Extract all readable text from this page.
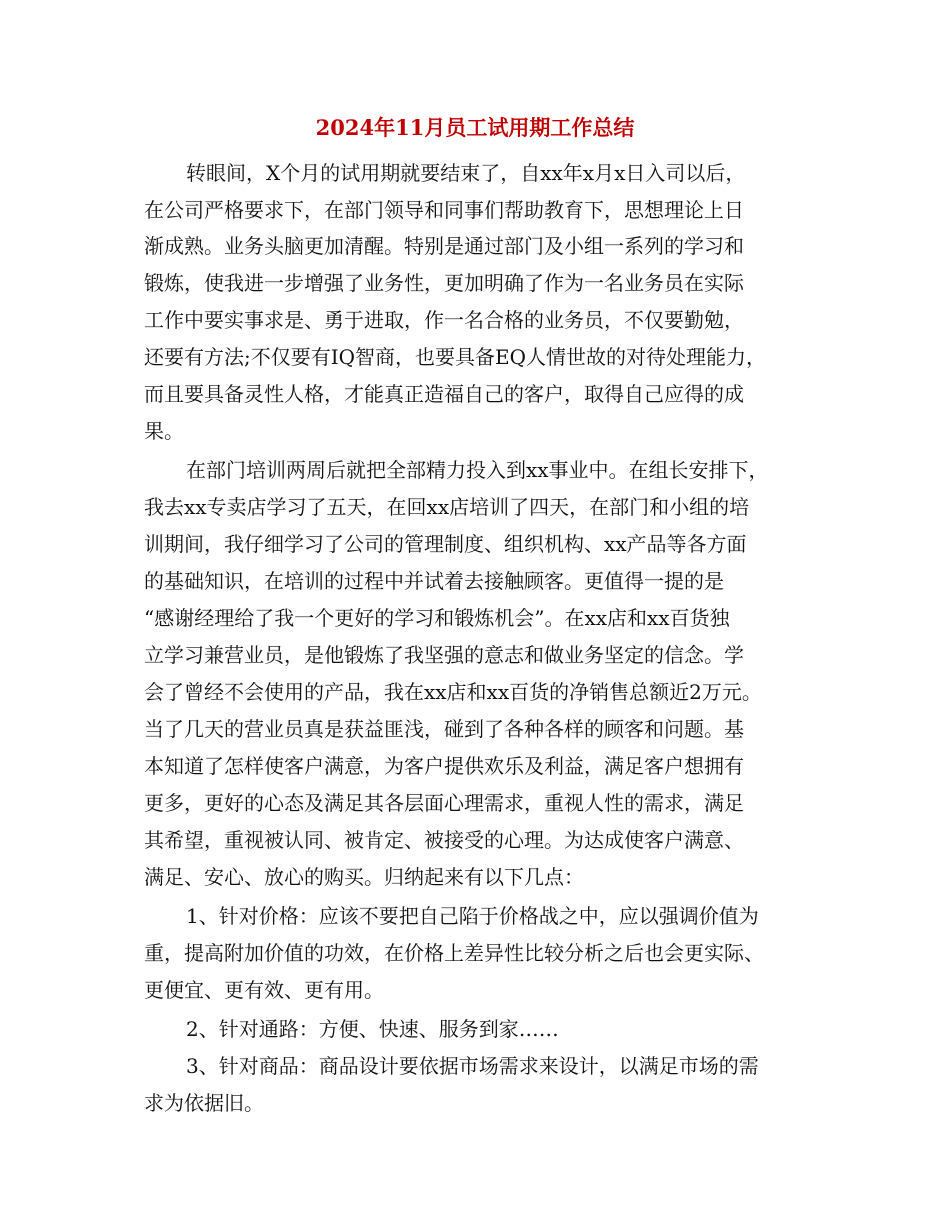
2024年11月员工试用期工作总结
转眼间，X个月的试用期就要结束了，自xx年x月x日入司以后，
在公司严格要求下，在部门领导和同事们帮助教育下，思想理论上日
渐成熟。业务头脑更加清醒。特别是通过部门及小组一系列的学习和
锻炼，使我进一步增强了业务性，更加明确了作为一名业务员在实际
工作中要实事求是、勇于进取，作一名合格的业务员，不仅要勤勉，
还要有方法;不仅要有IQ智商，也要具备EQ人情世故的对待处理能力，
而且要具备灵性人格，才能真正造福自己的客户，取得自己应得的成
果。
在部门培训两周后就把全部精力投入到xx事业中。在组长安排下，
我去xx专卖店学习了五天，在回xx店培训了四天，在部门和小组的培
训期间，我仔细学习了公司的管理制度、组织机构、xx产品等各方面
的基础知识，在培训的过程中并试着去接触顾客。更值得一提的是
“感谢经理给了我一个更好的学习和锻炼机会”。在xx店和xx百货独
立学习兼营业员，是他锻炼了我坚强的意志和做业务坚定的信念。学
会了曾经不会使用的产品，我在xx店和xx百货的净销售总额近2万元。
当了几天的营业员真是获益匪浅，碰到了各种各样的顾客和问题。基
本知道了怎样使客户满意，为客户提供欢乐及利益，满足客户想拥有
更多，更好的心态及满足其各层面心理需求，重视人性的需求，满足
其希望，重视被认同、被肯定、被接受的心理。为达成使客户满意、
满足、安心、放心的购买。归纳起来有以下几点：
1、针对价格：应该不要把自己陷于价格战之中，应以强调价值为
重，提高附加价值的功效，在价格上差异性比较分析之后也会更实际、
更便宜、更有效、更有用。
2、针对通路：方便、快速、服务到家……
3、针对商品：商品设计要依据市场需求来设计，以满足市场的需
求为依据旧。
